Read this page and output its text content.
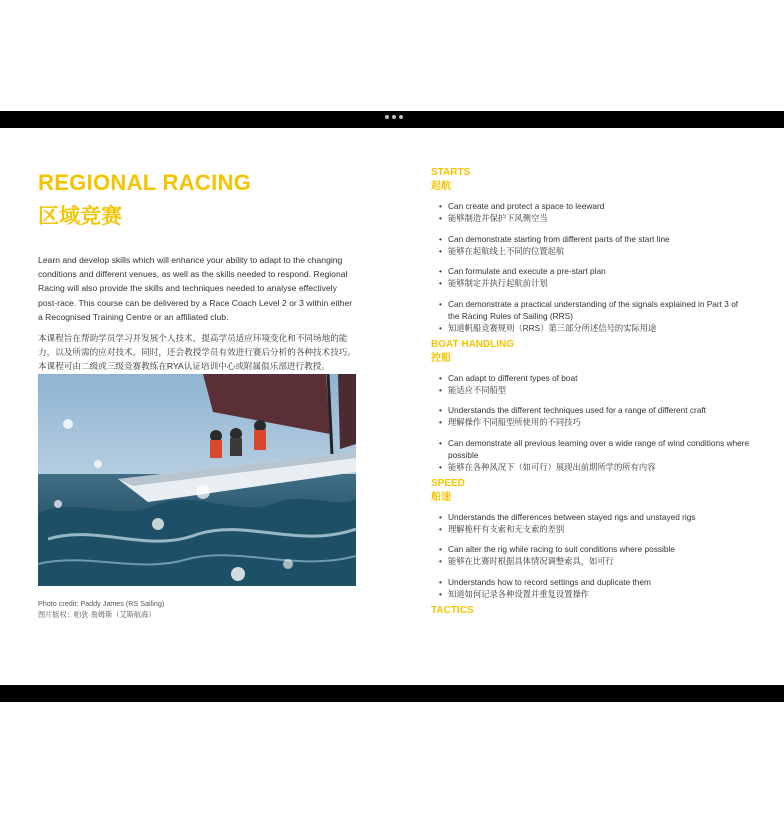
REGIONAL RACING
区域竞赛

Learn and develop skills which will enhance your ability to adapt to the changing conditions and different venues, as well as the skills needed to respond. Regional Racing will also provide the skills and techniques needed to analyse effectively post-race. This course can be delivered by a Race Coach Level 2 or 3 within either a Recognised Training Centre or an affiliated club.

本课程旨在帮助学员学习并发展个人技术，提高学员适应环境变化和不同场地的能力，以及所需的应对技术。同时，还会教授学员有效进行赛后分析的各种技术技巧。本课程可由二级或三级竞赛教练在RYA认证培训中心或附属俱乐部进行教授。

Photo credit: Paddy James (RS Sailing)
图片版权：帕狄·詹姆斯（艾斯航海）
STARTS
起航
• Can create and protect a space to leeward
• 能够制造并保护下风侧空当
• Can demonstrate starting from different parts of the start line
• 能够在起航线上不同的位置起航
• Can formulate and execute a pre-start plan
• 能够制定并执行起航前计划
• Can demonstrate a practical understanding of the signals explained in Part 3 of the Racing Rules of Sailing (RRS)
• 知道帆船竞赛规则（RRS）第三部分所述信号的实际用途
BOAT HANDLING
控船
• Can adapt to different types of boat
• 能适应不同船型
• Understands the different techniques used for a range of different craft
• 理解操作不同船型所使用的不同技巧
• Can demonstrate all previous learning over a wide range of wind conditions where possible
• 能够在各种风况下（如可行）展现出前期所学的所有内容
SPEED
船速
• Understands the differences between stayed rigs and unstayed rigs
• 理解桅杆有支索和无支索的差别
• Can alter the rig while racing to suit conditions where possible
• 能够在比赛时根据具体情况调整索具，如可行
• Understands how to record settings and duplicate them
• 知道如何记录各种设置并重复设置操作
TACTICS
